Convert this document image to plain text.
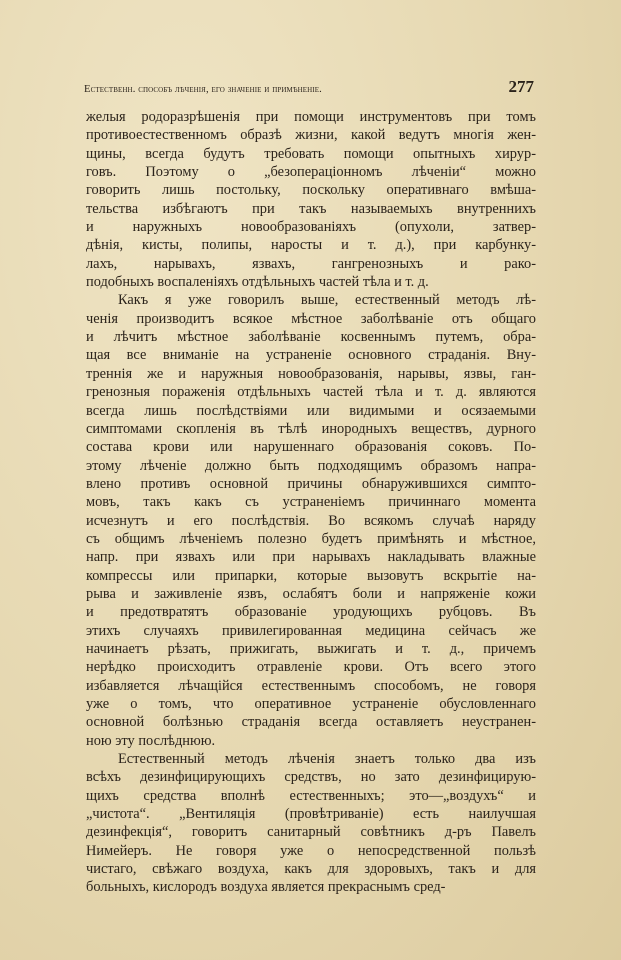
Естественн. способъ лѣченія, его значеніе и примѣненіе.	277
желыя родоразрѣшенія при помощи инструментовъ при томъ
противоестественномъ образѣ жизни, какой ведутъ многія жен-
щины, всегда будутъ требовать помощи опытныхъ хирур-
говъ. Поэтому о „безопераціонномъ лѣченіи“ можно
говорить лишь постольку, поскольку оперативнаго вмѣша-
тельства избѣгаютъ при такъ называемыхъ внутреннихъ
и наружныхъ новообразованіяхъ (опухоли, затвер-
дѣнія, кисты, полипы, наросты и т. д.), при карбунку-
лахъ, нарывахъ, язвахъ, гангренозныхъ и рако-
подобныхъ воспаленіяхъ отдѣльныхъ частей тѣла и т. д.
Какъ я уже говорилъ выше, естественный методъ лѣ-
ченія производитъ всякое мѣстное заболѣваніе отъ общаго
и лѣчитъ мѣстное заболѣваніе косвеннымъ путемъ, обра-
щая все вниманіе на устраненіе основного страданія. Вну-
треннія же и наружныя новообразованія, нарывы, язвы, ган-
гренозныя пораженія отдѣльныхъ частей тѣла и т. д. являются
всегда лишь послѣдствіями или видимыми и осязаемыми
симптомами скопленія въ тѣлѣ инородныхъ веществъ, дурного
состава крови или нарушеннаго образованія соковъ. По-
этому лѣченіе должно быть подходящимъ образомъ напра-
влено противъ основной причины обнаружившихся симпто-
мовъ, такъ какъ съ устраненіемъ причиннаго момента
исчезнутъ и его послѣдствія. Во всякомъ случаѣ наряду
съ общимъ лѣченіемъ полезно будетъ примѣнять и мѣстное,
напр. при язвахъ или при нарывахъ накладывать влажные
компрессы или припарки, которые вызовутъ вскрытіе на-
рыва и заживленіе язвъ, ослабятъ боли и напряженіе кожи
и предотвратятъ образованіе уродующихъ рубцовъ. Въ
этихъ случаяхъ привилегированная медицина сейчасъ же
начинаетъ рѣзать, прижигать, выжигать и т. д., причемъ
нерѣдко происходитъ отравленіе крови. Отъ всего этого
избавляется лѣчащійся естественнымъ способомъ, не говоря
уже о томъ, что оперативное устраненіе обусловленнаго
основной болѣзнью страданія всегда оставляетъ неустранен-
ною эту послѣднюю.
Естественный методъ лѣченія знаетъ только два изъ
всѣхъ дезинфицирующихъ средствъ, но зато дезинфицирую-
щихъ средства вполнѣ естественныхъ; это—„воздухъ“ и
„чистота“. „Вентиляція (провѣтриваніе) есть наилучшая
дезинфекція“, говоритъ санитарный совѣтникъ д-ръ Павелъ
Нимейеръ. Не говоря уже о непосредственной пользѣ
чистаго, свѣжаго воздуха, какъ для здоровыхъ, такъ и для
больныхъ, кислородъ воздуха является прекраснымъ сред-
